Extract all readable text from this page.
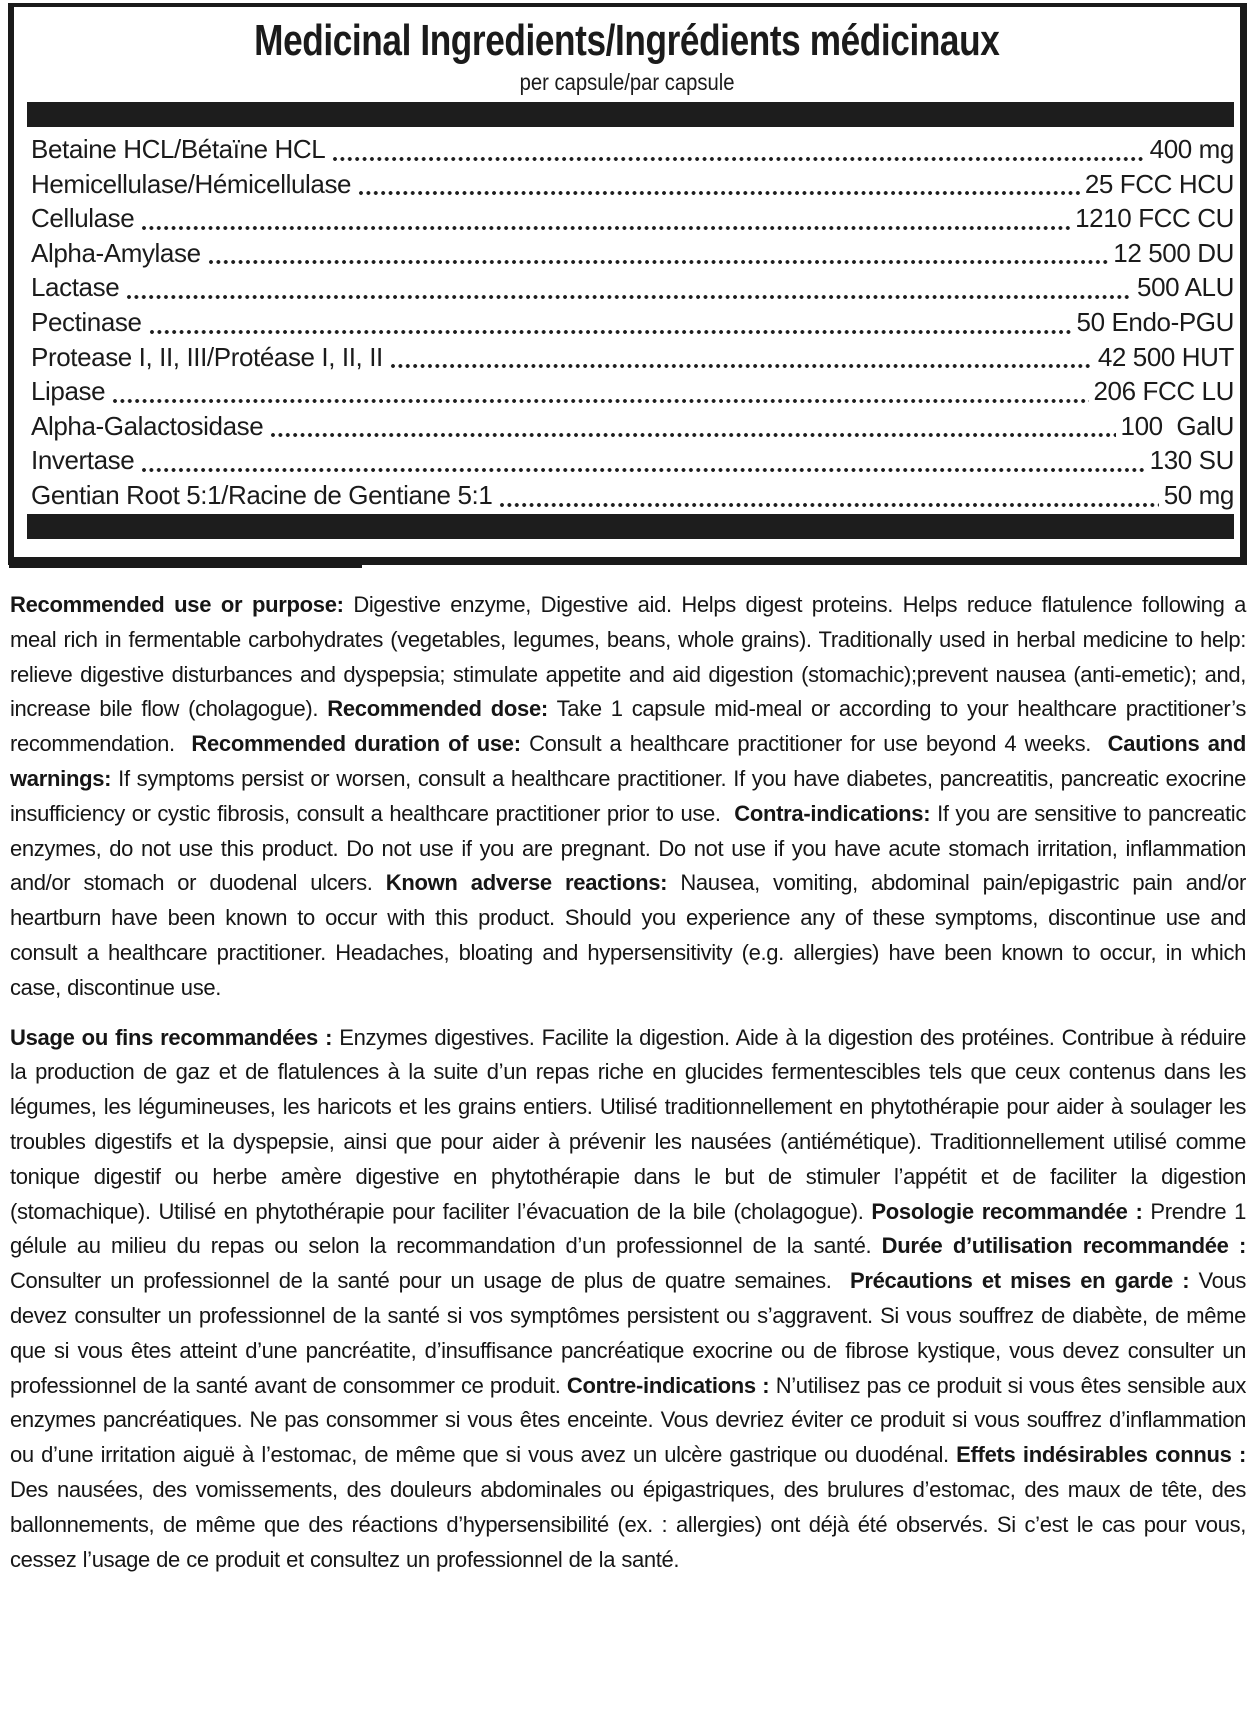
Medicinal Ingredients/Ingrédients médicinaux
per capsule/par capsule
Betaine HCL/Bétaïne HCL	400 mg
Hemicellulase/Hémicellulase	25 FCC HCU
Cellulase	1210 FCC CU
Alpha-Amylase	12 500 DU
Lactase	500 ALU
Pectinase	50 Endo-PGU
Protease I, II, III/Protéase I, II, II	42 500 HUT
Lipase	206 FCC LU
Alpha-Galactosidase	100  GalU
Invertase	130 SU
Gentian Root 5:1/Racine de Gentiane 5:1	50 mg

Recommended use or purpose: Digestive enzyme, Digestive aid. Helps digest proteins. Helps reduce flatulence following a meal rich in fermentable carbohydrates (vegetables, legumes, beans, whole grains). Traditionally used in herbal medicine to help: relieve digestive disturbances and dyspepsia; stimulate appetite and aid digestion (stomachic);prevent nausea (anti-emetic); and, increase bile flow (cholagogue). Recommended dose: Take 1 capsule mid-meal or according to your healthcare practitioner’s recommendation.  Recommended duration of use: Consult a healthcare practitioner for use beyond 4 weeks.  Cautions and warnings: If symptoms persist or worsen, consult a healthcare practitioner. If you have diabetes, pancreatitis, pancreatic exocrine insufficiency or cystic fibrosis, consult a healthcare practitioner prior to use.  Contra-indications: If you are sensitive to pancreatic enzymes, do not use this product. Do not use if you are pregnant. Do not use if you have acute stomach irritation, inflammation and/or stomach or duodenal ulcers. Known adverse reactions: Nausea, vomiting, abdominal pain/epigastric pain and/or heartburn have been known to occur with this product. Should you experience any of these symptoms, discontinue use and consult a healthcare practitioner. Headaches, bloating and hypersensitivity (e.g. allergies) have been known to occur, in which case, discontinue use.

Usage ou fins recommandées : Enzymes digestives. Facilite la digestion. Aide à la digestion des protéines. Contribue à réduire la production de gaz et de flatulences à la suite d’un repas riche en glucides fermentescibles tels que ceux contenus dans les légumes, les légumineuses, les haricots et les grains entiers. Utilisé traditionnellement en phytothérapie pour aider à soulager les troubles digestifs et la dyspepsie, ainsi que pour aider à prévenir les nausées (antiémétique). Traditionnellement utilisé comme tonique digestif ou herbe amère digestive en phytothérapie dans le but de stimuler l’appétit et de faciliter la digestion (stomachique). Utilisé en phytothérapie pour faciliter l’évacuation de la bile (cholagogue). Posologie recommandée : Prendre 1 gélule au milieu du repas ou selon la recommandation d’un professionnel de la santé. Durée d’utilisation recommandée : Consulter un professionnel de la santé pour un usage de plus de quatre semaines.  Précautions et mises en garde : Vous devez consulter un professionnel de la santé si vos symptômes persistent ou s’aggravent. Si vous souffrez de diabète, de même que si vous êtes atteint d’une pancréatite, d’insuffisance pancréatique exocrine ou de fibrose kystique, vous devez consulter un professionnel de la santé avant de consommer ce produit. Contre-indications : N’utilisez pas ce produit si vous êtes sensible aux enzymes pancréatiques. Ne pas consommer si vous êtes enceinte. Vous devriez éviter ce produit si vous souffrez d’inflammation ou d’une irritation aiguë à l’estomac, de même que si vous avez un ulcère gastrique ou duodénal. Effets indésirables connus : Des nausées, des vomissements, des douleurs abdominales ou épigastriques, des brulures d’estomac, des maux de tête, des ballonnements, de même que des réactions d’hypersensibilité (ex. : allergies) ont déjà été observés. Si c’est le cas pour vous, cessez l’usage de ce produit et consultez un professionnel de la santé.
